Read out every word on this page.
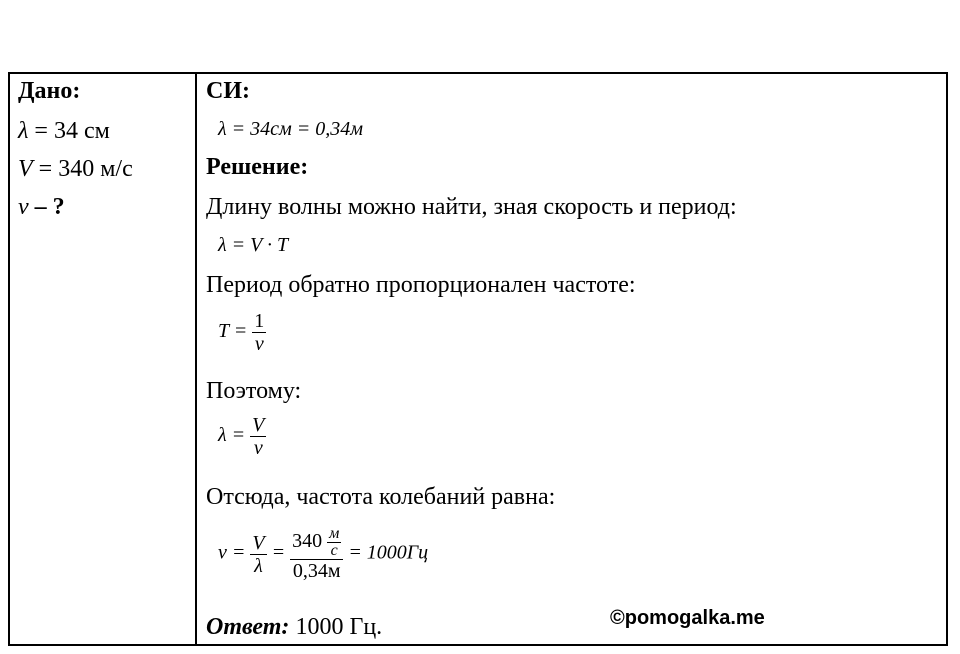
Дано:
λ = 34 см
V = 340 м/с
ν – ?
СИ:
λ = 34см = 0,34м
Решение:
Длину волны можно найти, зная скорость и период:
λ = V · T
Период обратно пропорционален частоте:
$T = \frac{1}{\nu}$
Поэтому:
$\lambda = \frac{V}{\nu}$
Отсюда, частота колебаний равна:
$\nu = \frac{V}{\lambda} = \frac{340 \frac{м}{с}}{0,34м} = 1000Гц$
Ответ: 1000 Гц.	©pomogalka.me
